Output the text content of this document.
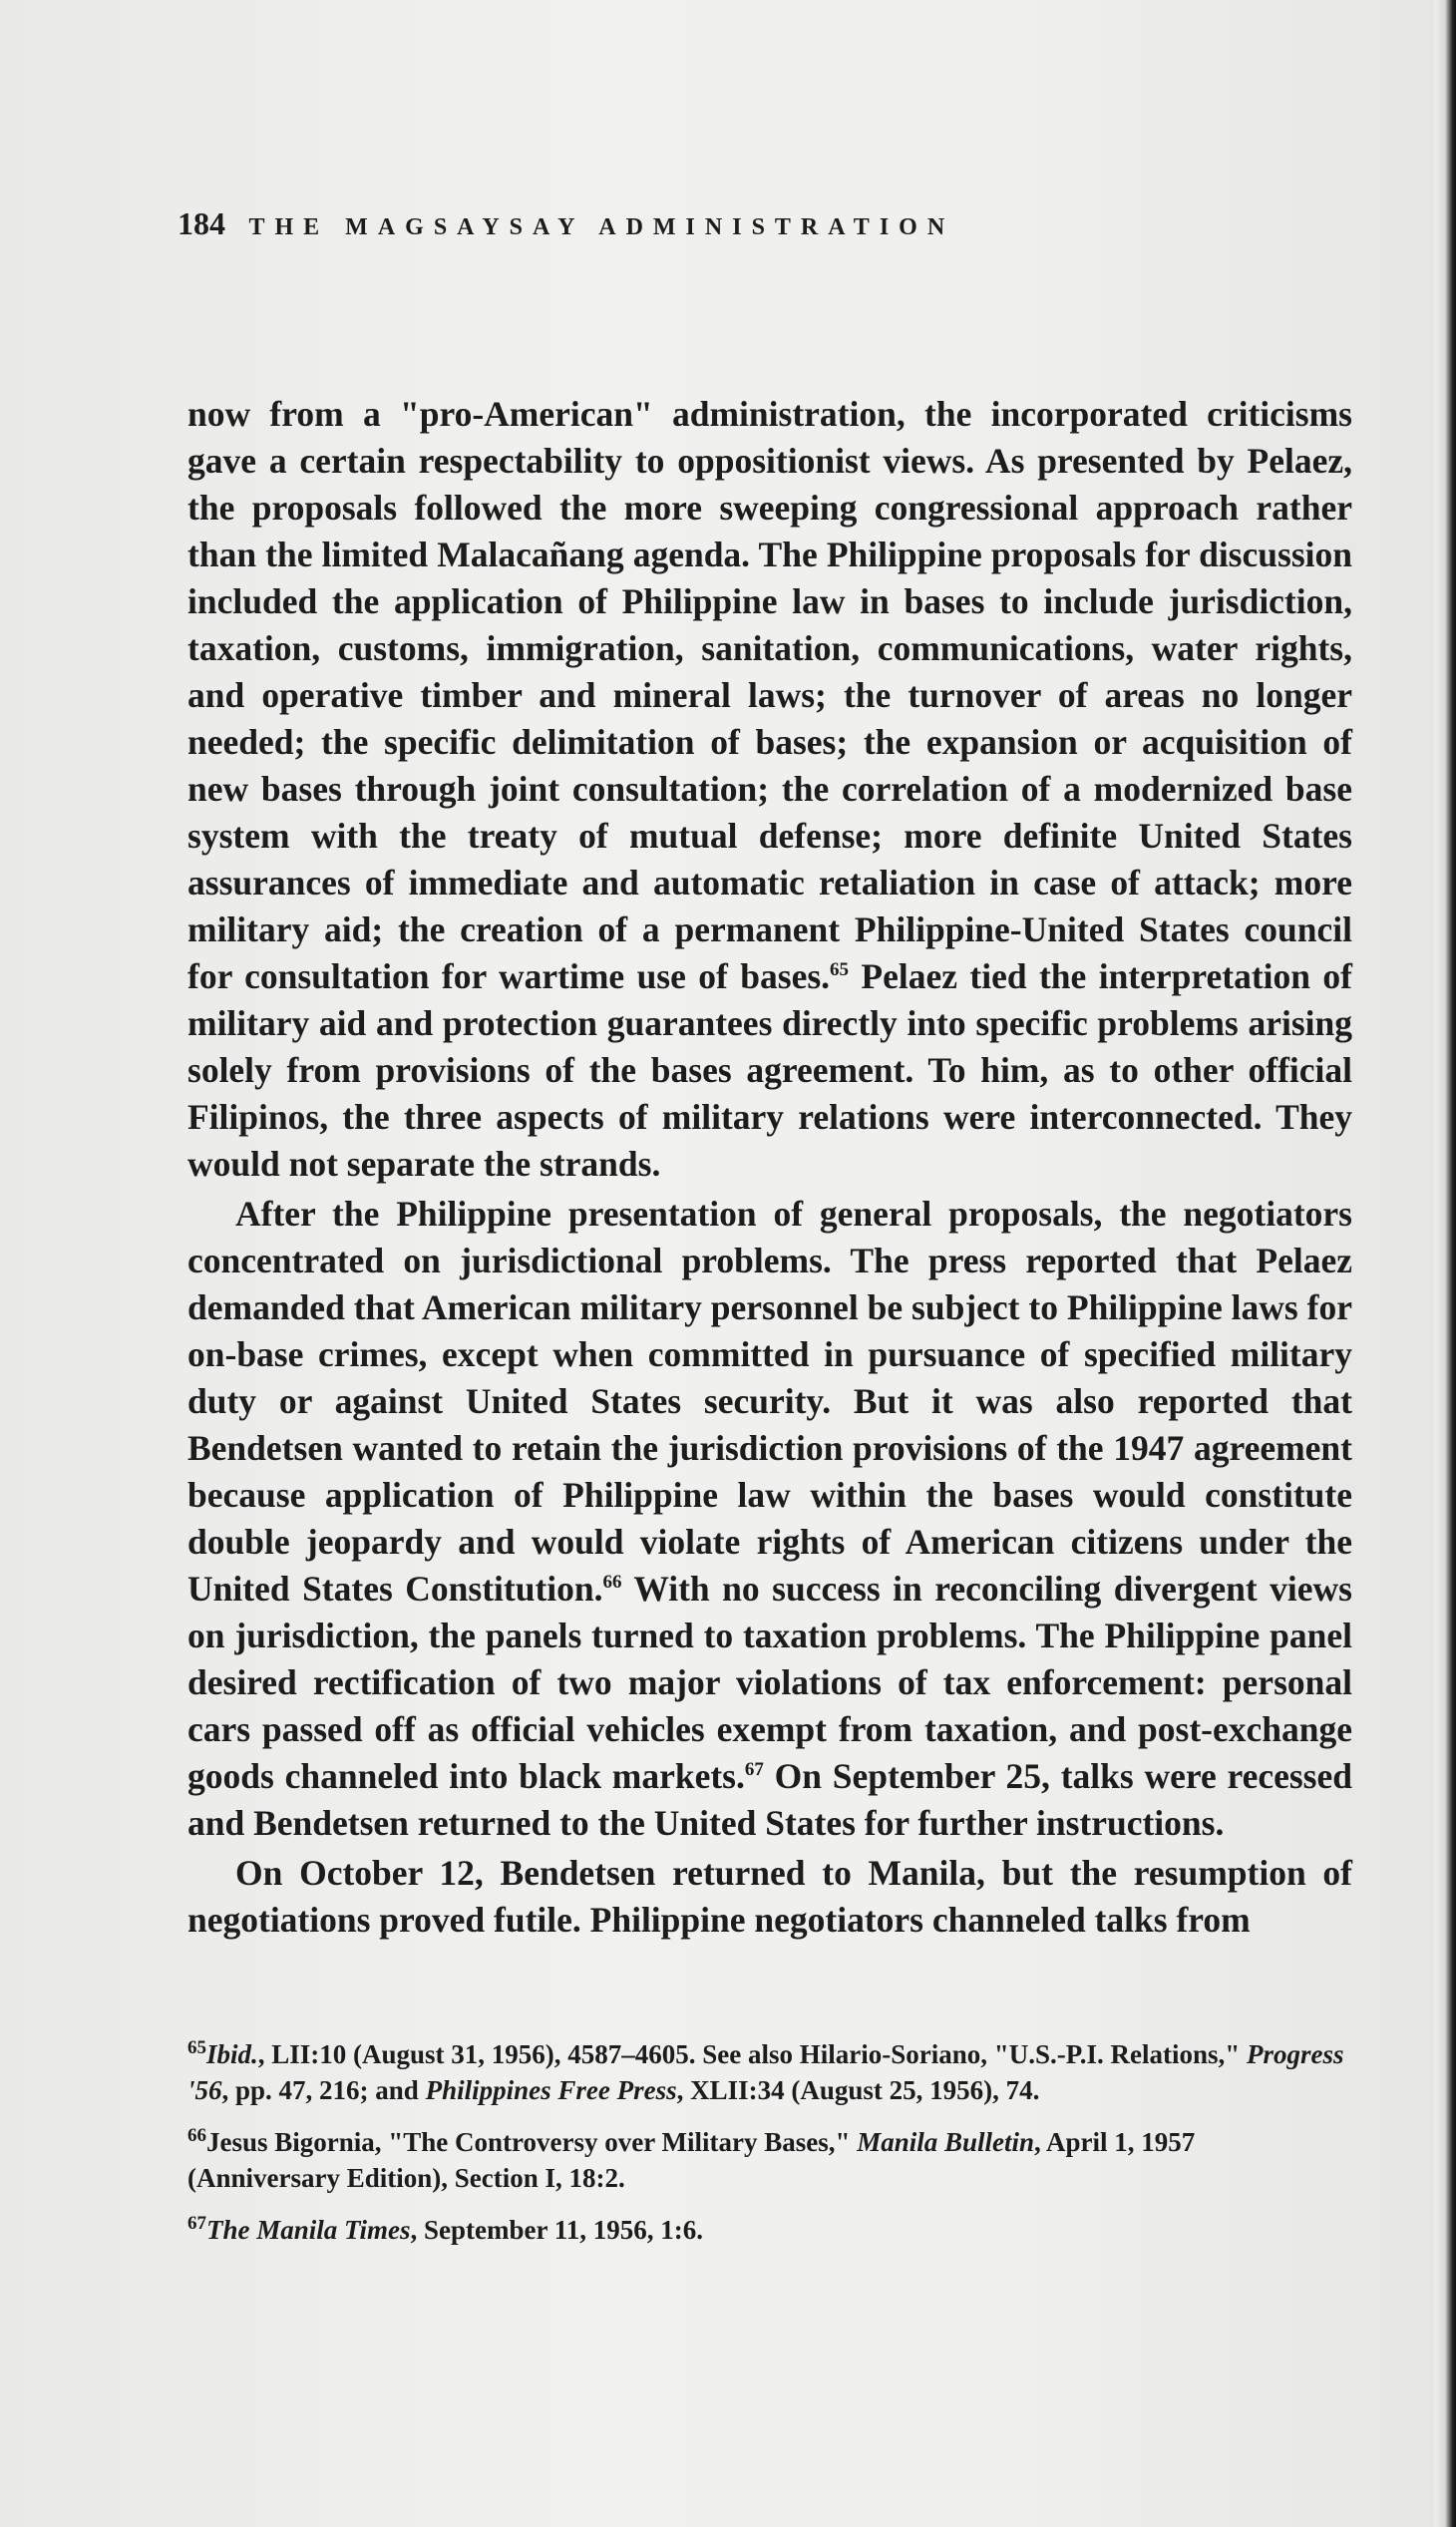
184 THE MAGSAYSAY ADMINISTRATION

now from a "pro-American" administration, the incorporated criticisms gave a certain respectability to oppositionist views. As presented by Pelaez, the proposals followed the more sweeping congressional approach rather than the limited Malacañang agenda. The Philippine proposals for discussion included the application of Philippine law in bases to include jurisdiction, taxation, customs, immigration, sanitation, communications, water rights, and operative timber and mineral laws; the turnover of areas no longer needed; the specific delimitation of bases; the expansion or acquisition of new bases through joint consultation; the correlation of a modernized base system with the treaty of mutual defense; more definite United States assurances of immediate and automatic retaliation in case of attack; more military aid; the creation of a permanent Philippine-United States council for consultation for wartime use of bases.$^{65}$ Pelaez tied the interpretation of military aid and protection guarantees directly into specific problems arising solely from provisions of the bases agreement. To him, as to other official Filipinos, the three aspects of military relations were interconnected. They would not separate the strands.

After the Philippine presentation of general proposals, the negotiators concentrated on jurisdictional problems. The press reported that Pelaez demanded that American military personnel be subject to Philippine laws for on-base crimes, except when committed in pursuance of specified military duty or against United States security. But it was also reported that Bendetsen wanted to retain the jurisdiction provisions of the 1947 agreement because application of Philippine law within the bases would constitute double jeopardy and would violate rights of American citizens under the United States Constitution.$^{66}$ With no success in reconciling divergent views on jurisdiction, the panels turned to taxation problems. The Philippine panel desired rectification of two major violations of tax enforcement: personal cars passed off as official vehicles exempt from taxation, and post-exchange goods channeled into black markets.$^{67}$ On September 25, talks were recessed and Bendetsen returned to the United States for further instructions.

On October 12, Bendetsen returned to Manila, but the resumption of negotiations proved futile. Philippine negotiators channeled talks from

$^{65}$Ibid., LII:10 (August 31, 1956), 4587–4605. See also Hilario-Soriano, "U.S.-P.I. Relations," Progress '56, pp. 47, 216; and Philippines Free Press, XLII:34 (August 25, 1956), 74.

$^{66}$Jesus Bigornia, "The Controversy over Military Bases," Manila Bulletin, April 1, 1957 (Anniversary Edition), Section I, 18:2.

$^{67}$The Manila Times, September 11, 1956, 1:6.
